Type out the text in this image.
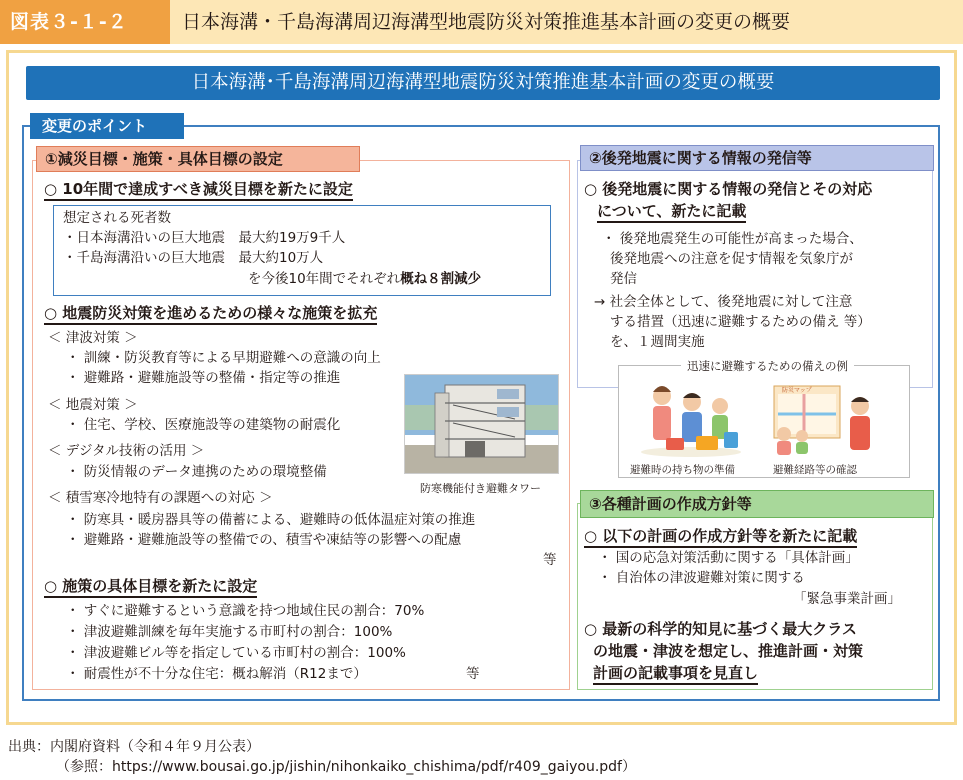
図表３-１-２	日本海溝・千島海溝周辺海溝型地震防災対策推進基本計画の変更の概要
日本海溝･千島海溝周辺海溝型地震防災対策推進基本計画の変更の概要
変更のポイント
①減災目標・施策・具体目標の設定
○ 10年間で達成すべき減災目標を新たに設定
想定される死者数
・日本海溝沿いの巨大地震　最大約19万9千人
・千島海溝沿いの巨大地震　最大約10万人
を今後10年間でそれぞれ概ね８割減少
○ 地震防災対策を進めるための様々な施策を拡充
＜ 津波対策 ＞
・ 訓練・防災教育等による早期避難への意識の向上
・ 避難路・避難施設等の整備・指定等の推進
＜ 地震対策 ＞
・ 住宅、学校、医療施設等の建築物の耐震化
＜ デジタル技術の活用 ＞
・ 防災情報のデータ連携のための環境整備
＜ 積雪寒冷地特有の課題への対応 ＞
・ 防寒具・暖房器具等の備蓄による、避難時の低体温症対策の推進
・ 避難路・避難施設等の整備での、積雪や凍結等の影響への配慮
等
防寒機能付き避難タワー
○ 施策の具体目標を新たに設定
・ すぐに避難するという意識を持つ地域住民の割合：70%
・ 津波避難訓練を毎年実施する市町村の割合：100%
・ 津波避難ビル等を指定している市町村の割合：100%
・ 耐震性が不十分な住宅：概ね解消（R12まで）	等
②後発地震に関する情報の発信等
○ 後発地震に関する情報の発信とその対応
について、新たに記載
・ 後発地震発生の可能性が高まった場合、
後発地震への注意を促す情報を気象庁が
発信
→ 社会全体として、後発地震に対して注意
する措置（迅速に避難するための備え 等）
を、１週間実施
迅速に避難するための備えの例
防災マップ
避難時の持ち物の準備	避難経路等の確認
③各種計画の作成方針等
○ 以下の計画の作成方針等を新たに記載
・ 国の応急対策活動に関する「具体計画」
・ 自治体の津波避難対策に関する
「緊急事業計画」
○ 最新の科学的知見に基づく最大クラス
の地震・津波を想定し、推進計画・対策
計画の記載事項を見直し
出典：内閣府資料（令和４年９月公表）
（参照：https://www.bousai.go.jp/jishin/nihonkaiko_chishima/pdf/r409_gaiyou.pdf）
